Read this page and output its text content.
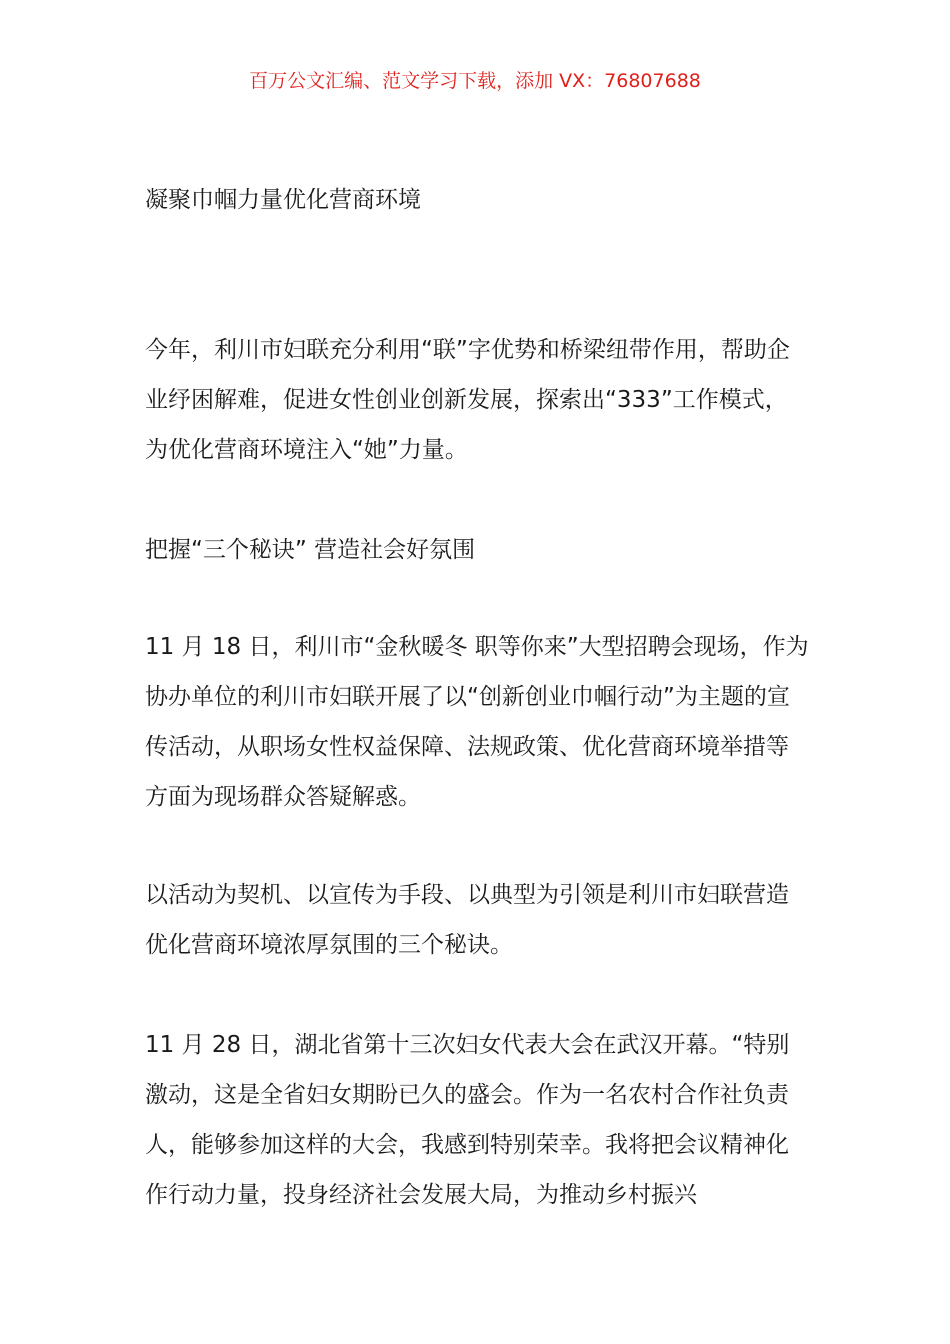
百万公文汇编、范文学习下载，添加 VX：76807688
凝聚巾帼力量优化营商环境

今年，利川市妇联充分利用“联”字优势和桥梁纽带作用，帮助企业纾困解难，促进女性创业创新发展，探索出“333”工作模式，为优化营商环境注入“她”力量。

把握“三个秘诀” 营造社会好氛围

11 月 18 日，利川市“金秋暖冬 职等你来”大型招聘会现场，作为协办单位的利川市妇联开展了以“创新创业巾帼行动”为主题的宣传活动，从职场女性权益保障、法规政策、优化营商环境举措等方面为现场群众答疑解惑。

以活动为契机、以宣传为手段、以典型为引领是利川市妇联营造优化营商环境浓厚氛围的三个秘诀。

11 月 28 日，湖北省第十三次妇女代表大会在武汉开幕。“特别激动，这是全省妇女期盼已久的盛会。作为一名农村合作社负责人，能够参加这样的大会，我感到特别荣幸。我将把会议精神化作行动力量，投身经济社会发展大局，为推动乡村振兴
